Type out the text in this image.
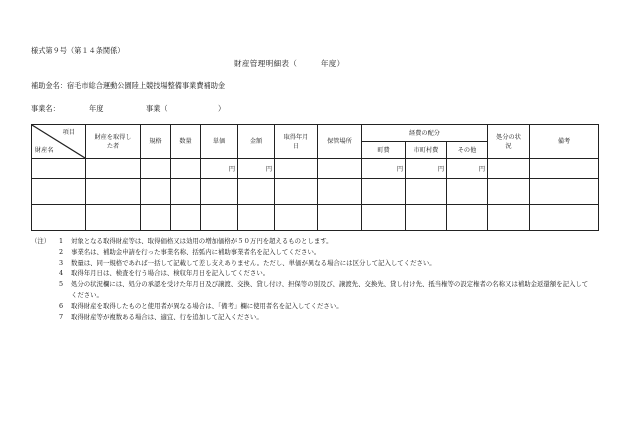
様式第９号（第１４条関係）
財産管理明細表（　　　年度）
補助金名：宿毛市総合運動公園陸上競技場整備事業費補助金
事業名：	年度	事業（	）
項目
財産名	財産を取得した者	規格	数量	単価	金額	取得年月日	保管場所	経費の配分			処分の状況	備考
								町費	市町村費	その他		
				円	円			円	円	円		

（注） 1 対象となる取得財産等は、取得価格又は効用の増加価格が５０万円を超えるものとします。
2 事業名は、補助金申請を行った事業名称、括弧内に補助事業者名を記入してください。
3 数量は、同一規格であれば一括して記載して差し支えありません。ただし、単価が異なる場合には区分して記入してください。
4 取得年月日は、検査を行う場合は、検収年月日を記入してください。
5 処分の状況欄には、処分の承認を受けた年月日及び譲渡、交換、貸し付け、担保等の別及び、譲渡先、交換先、貸し付け先、抵当権等の設定権者の名称又は補助金返還額を記入してください。
6 取得財産を取得したものと使用者が異なる場合は、「備考」欄に使用者名を記入してください。
7 取得財産等が複数ある場合は、適宜、行を追加して記入ください。
